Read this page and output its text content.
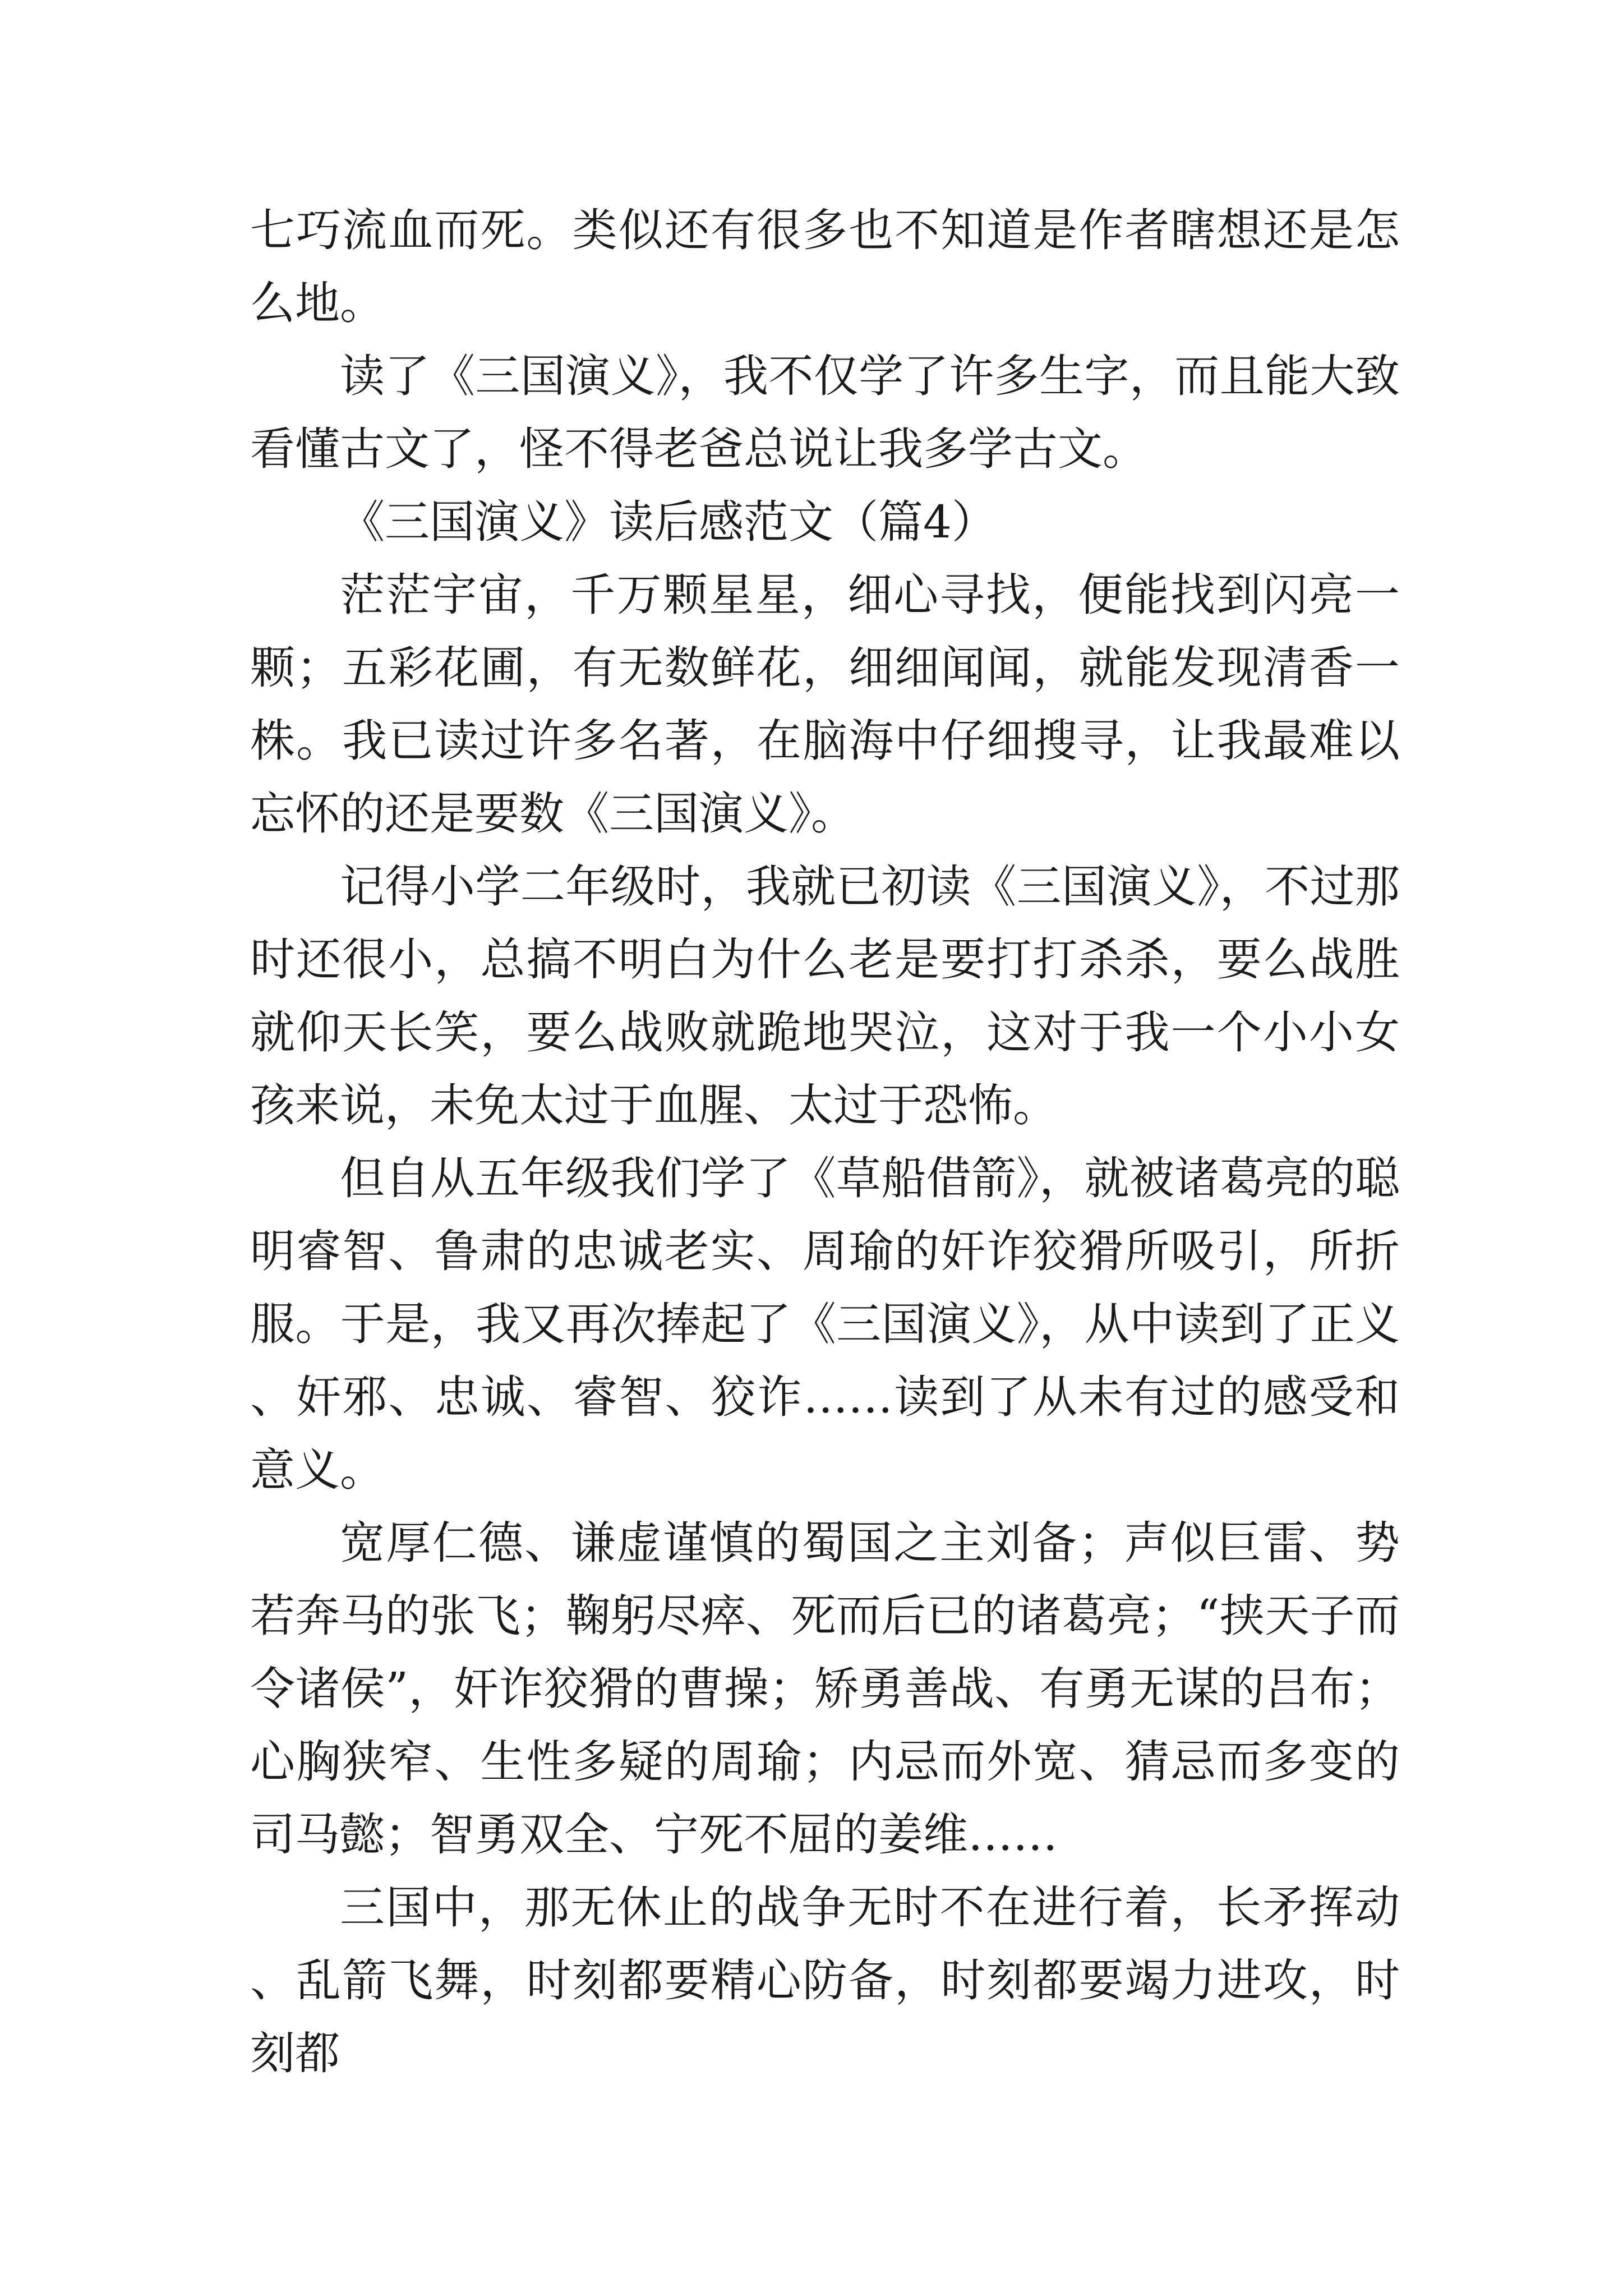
七巧流血而死。类似还有很多也不知道是作者瞎想还是怎么地。

读了《三国演义》，我不仅学了许多生字，而且能大致看懂古文了，怪不得老爸总说让我多学古文。

《三国演义》读后感范文（篇4）

茫茫宇宙，千万颗星星，细心寻找，便能找到闪亮一颗；五彩花圃，有无数鲜花，细细闻闻，就能发现清香一株。我已读过许多名著，在脑海中仔细搜寻，让我最难以忘怀的还是要数《三国演义》。

记得小学二年级时，我就已初读《三国演义》，不过那时还很小，总搞不明白为什么老是要打打杀杀，要么战胜就仰天长笑，要么战败就跪地哭泣，这对于我一个小小女孩来说，未免太过于血腥、太过于恐怖。

但自从五年级我们学了《草船借箭》，就被诸葛亮的聪明睿智、鲁肃的忠诚老实、周瑜的奸诈狡猾所吸引，所折服。于是，我又再次捧起了《三国演义》，从中读到了正义、奸邪、忠诚、睿智、狡诈……读到了从未有过的感受和意义。

宽厚仁德、谦虚谨慎的蜀国之主刘备；声似巨雷、势若奔马的张飞；鞠躬尽瘁、死而后已的诸葛亮；“挟天子而令诸侯”，奸诈狡猾的曹操；矫勇善战、有勇无谋的吕布；心胸狭窄、生性多疑的周瑜；内忌而外宽、猜忌而多变的司马懿；智勇双全、宁死不屈的姜维……

三国中，那无休止的战争无时不在进行着，长矛挥动、乱箭飞舞，时刻都要精心防备，时刻都要竭力进攻，时刻都
